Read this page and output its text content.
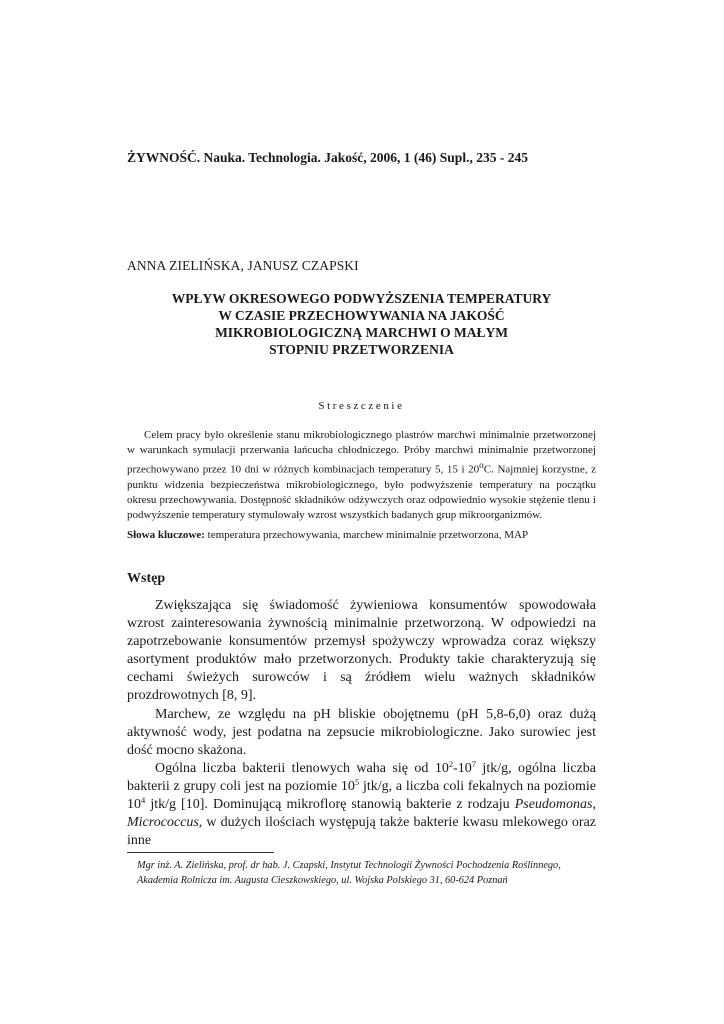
ŻYWNOŚĆ. Nauka. Technologia. Jakość, 2006, 1 (46) Supl., 235 - 245
ANNA ZIELIŃSKA, JANUSZ CZAPSKI
WPŁYW OKRESOWEGO PODWYŻSZENIA TEMPERATURY
W CZASIE PRZECHOWYWANIA NA JAKOŚĆ
MIKROBIOLOGICZNĄ MARCHWI O MAŁYM
STOPNIU PRZETWORZENIA
Streszczenie

Celem pracy było określenie stanu mikrobiologicznego plastrów marchwi minimalnie przetworzonej w warunkach symulacji przerwania łańcucha chłodniczego. Próby marchwi minimalnie przetworzonej przechowywano przez 10 dni w różnych kombinacjach temperatury 5, 15 i 20$^o$C. Najmniej korzystne, z punktu widzenia bezpieczeństwa mikrobiologicznego, było podwyższenie temperatury na początku okresu przechowywania. Dostępność składników odżywczych oraz odpowiednio wysokie stężenie tlenu i podwyższenie temperatury stymulowały wzrost wszystkich badanych grup mikroorganizmów.

Słowa kluczowe: temperatura przechowywania, marchew minimalnie przetworzona, MAP
Wstęp

Zwiększająca się świadomość żywieniowa konsumentów spowodowała wzrost zainteresowania żywnością minimalnie przetworzoną. W odpowiedzi na zapotrzebowanie konsumentów przemysł spożywczy wprowadza coraz większy asortyment produktów mało przetworzonych. Produkty takie charakteryzują się cechami świeżych surowców i są źródłem wielu ważnych składników prozdrowotnych [8, 9].

Marchew, ze względu na pH bliskie obojętnemu (pH 5,8-6,0) oraz dużą aktywność wody, jest podatna na zepsucie mikrobiologiczne. Jako surowiec jest dość mocno skażona.

Ogólna liczba bakterii tlenowych waha się od $10^2-10^7$ jtk/g, ogólna liczba bakterii z grupy coli jest na poziomie $10^5$ jtk/g, a liczba coli fekalnych na poziomie $10^4$ jtk/g [10]. Dominującą mikroflorę stanowią bakterie z rodzaju Pseudomonas, Micrococcus, w dużych ilościach występują także bakterie kwasu mlekowego oraz inne

Mgr inż. A. Zielińska, prof. dr hab. J. Czapski, Instytut Technologii Żywności Pochodzenia Roślinnego,
Akademia Rolnicza im. Augusta Cieszkowskiego, ul. Wojska Polskiego 31, 60-624 Poznań
